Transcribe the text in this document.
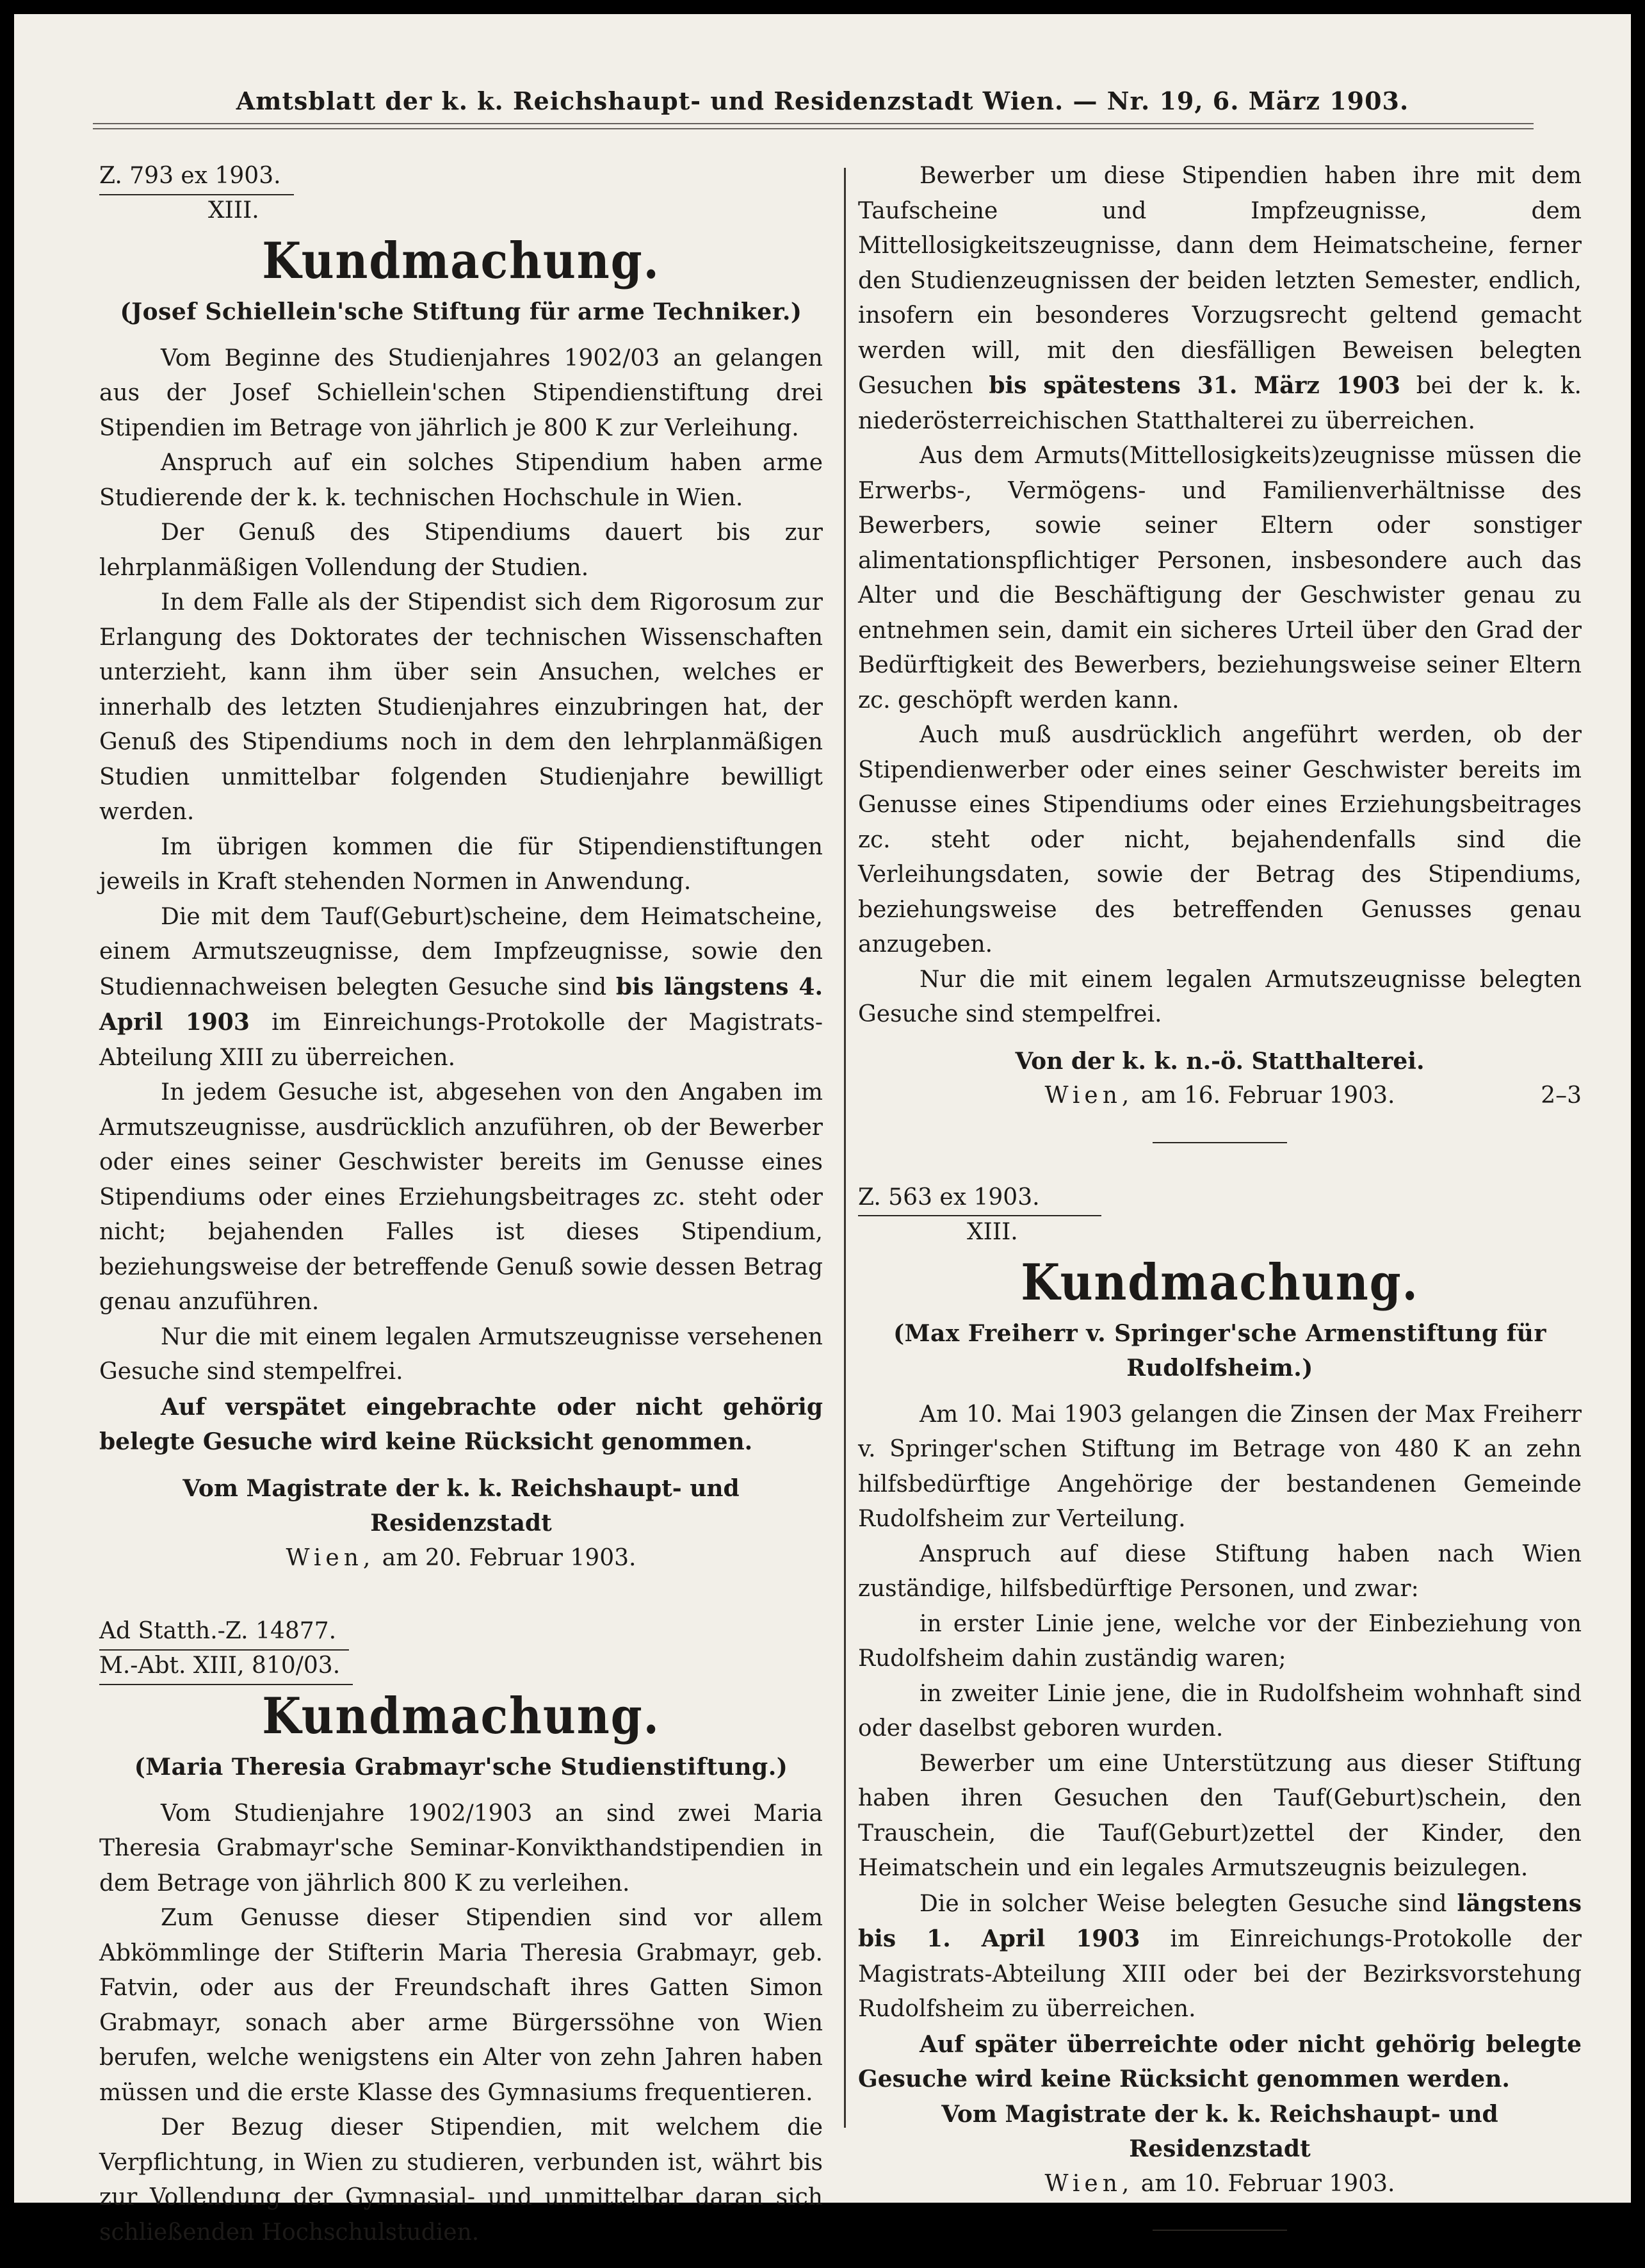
Amtsblatt der k. k. Reichshaupt- und Residenzstadt Wien. — Nr. 19, 6. März 1903.
Z. 793 ex 1903.
XIII.
Kundmachung.
(Josef Schiellein'sche Stiftung für arme Techniker.)

Vom Beginne des Studienjahres 1902/03 an gelangen aus der Josef Schiellein'schen Stipendienstiftung drei Stipendien im Betrage von jährlich je 800 K zur Verleihung.

Anspruch auf ein solches Stipendium haben arme Studierende der k. k. technischen Hochschule in Wien.

Der Genuß des Stipendiums dauert bis zur lehrplanmäßigen Vollendung der Studien.

In dem Falle als der Stipendist sich dem Rigorosum zur Erlangung des Doktorates der technischen Wissenschaften unterzieht, kann ihm über sein Ansuchen, welches er innerhalb des letzten Studienjahres einzubringen hat, der Genuß des Stipendiums noch in dem den lehrplanmäßigen Studien unmittelbar folgenden Studienjahre bewilligt werden.

Im übrigen kommen die für Stipendienstiftungen jeweils in Kraft stehenden Normen in Anwendung.

Die mit dem Tauf(Geburt)scheine, dem Heimatscheine, einem Armutszeugnisse, dem Impfzeugnisse, sowie den Studiennachweisen belegten Gesuche sind bis längstens 4. April 1903 im Einreichungs-Protokolle der Magistrats-Abteilung XIII zu überreichen.

In jedem Gesuche ist, abgesehen von den Angaben im Armutszeugnisse, ausdrücklich anzuführen, ob der Bewerber oder eines seiner Geschwister bereits im Genusse eines Stipendiums oder eines Erziehungsbeitrages zc. steht oder nicht; bejahenden Falles ist dieses Stipendium, beziehungsweise der betreffende Genuß sowie dessen Betrag genau anzuführen.

Nur die mit einem legalen Armutszeugnisse versehenen Gesuche sind stempelfrei.

Auf verspätet eingebrachte oder nicht gehörig belegte Gesuche wird keine Rücksicht genommen.

Vom Magistrate der k. k. Reichshaupt- und Residenzstadt

Wien, am 20. Februar 1903.

Ad Statth.-Z. 14877.
M.-Abt. XIII, 810/03.
Kundmachung.
(Maria Theresia Grabmayr'sche Studienstiftung.)

Vom Studienjahre 1902/1903 an sind zwei Maria Theresia Grabmayr'sche Seminar-Konvikthandstipendien in dem Betrage von jährlich 800 K zu verleihen.

Zum Genusse dieser Stipendien sind vor allem Abkömmlinge der Stifterin Maria Theresia Grabmayr, geb. Fatvin, oder aus der Freundschaft ihres Gatten Simon Grabmayr, sonach aber arme Bürgerssöhne von Wien berufen, welche wenigstens ein Alter von zehn Jahren haben müssen und die erste Klasse des Gymnasiums frequentieren.

Der Bezug dieser Stipendien, mit welchem die Verpflichtung, in Wien zu studieren, verbunden ist, währt bis zur Vollendung der Gymnasial- und unmittelbar daran sich schließenden Hochschulstudien.

Bewerber um diese Stipendien haben ihre mit dem Taufscheine und Impfzeugnisse, dem Mittellosigkeitszeugnisse, dann dem Heimatscheine, ferner den Studienzeugnissen der beiden letzten Semester, endlich, insofern ein besonderes Vorzugsrecht geltend gemacht werden will, mit den diesfälligen Beweisen belegten Gesuchen bis spätestens 31. März 1903 bei der k. k. niederösterreichischen Statthalterei zu überreichen.

Aus dem Armuts(Mittellosigkeits)zeugnisse müssen die Erwerbs-, Vermögens- und Familienverhältnisse des Bewerbers, sowie seiner Eltern oder sonstiger alimentationspflichtiger Personen, insbesondere auch das Alter und die Beschäftigung der Geschwister genau zu entnehmen sein, damit ein sicheres Urteil über den Grad der Bedürftigkeit des Bewerbers, beziehungsweise seiner Eltern zc. geschöpft werden kann.

Auch muß ausdrücklich angeführt werden, ob der Stipendienwerber oder eines seiner Geschwister bereits im Genusse eines Stipendiums oder eines Erziehungsbeitrages zc. steht oder nicht, bejahendenfalls sind die Verleihungsdaten, sowie der Betrag des Stipendiums, beziehungsweise des betreffenden Genusses genau anzugeben.

Nur die mit einem legalen Armutszeugnisse belegten Gesuche sind stempelfrei.

Von der k. k. n.-ö. Statthalterei.

Wien, am 16. Februar 1903.	2–3
Z. 563 ex 1903.
XIII.
Kundmachung.
(Max Freiherr v. Springer'sche Armenstiftung für Rudolfsheim.)

Am 10. Mai 1903 gelangen die Zinsen der Max Freiherr v. Springer'schen Stiftung im Betrage von 480 K an zehn hilfsbedürftige Angehörige der bestandenen Gemeinde Rudolfsheim zur Verteilung.

Anspruch auf diese Stiftung haben nach Wien zuständige, hilfsbedürftige Personen, und zwar:

in erster Linie jene, welche vor der Einbeziehung von Rudolfsheim dahin zuständig waren;

in zweiter Linie jene, die in Rudolfsheim wohnhaft sind oder daselbst geboren wurden.

Bewerber um eine Unterstützung aus dieser Stiftung haben ihren Gesuchen den Tauf(Geburt)schein, den Trauschein, die Tauf(Geburt)zettel der Kinder, den Heimatschein und ein legales Armutszeugnis beizulegen.

Die in solcher Weise belegten Gesuche sind längstens bis 1. April 1903 im Einreichungs-Protokolle der Magistrats-Abteilung XIII oder bei der Bezirksvorstehung Rudolfsheim zu überreichen.

Auf später überreichte oder nicht gehörig belegte Gesuche wird keine Rücksicht genommen werden.

Vom Magistrate der k. k. Reichshaupt- und Residenzstadt

Wien, am 10. Februar 1903.
